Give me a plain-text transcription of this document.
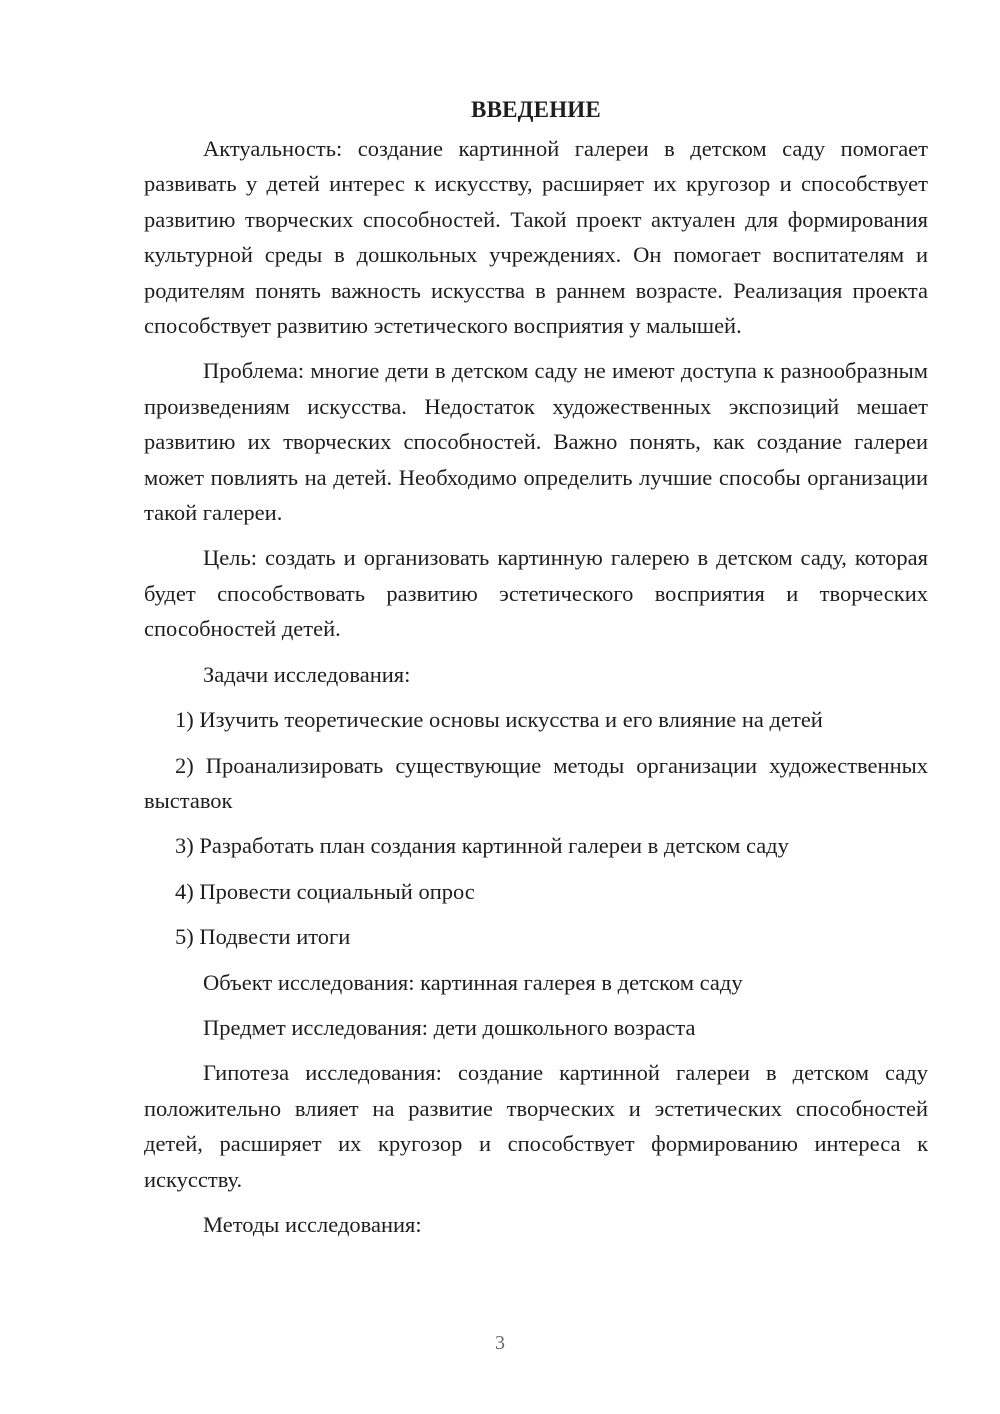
ВВЕДЕНИЕ

Актуальность: создание картинной галереи в детском саду помогает развивать у детей интерес к искусству, расширяет их кругозор и способствует развитию творческих способностей. Такой проект актуален для формирования культурной среды в дошкольных учреждениях. Он помогает воспитателям и родителям понять важность искусства в раннем возрасте. Реализация проекта способствует развитию эстетического восприятия у малышей.

Проблема: многие дети в детском саду не имеют доступа к разнообразным произведениям искусства. Недостаток художественных экспозиций мешает развитию их творческих способностей. Важно понять, как создание галереи может повлиять на детей. Необходимо определить лучшие способы организации такой галереи.

Цель: создать и организовать картинную галерею в детском саду, которая будет способствовать развитию эстетического восприятия и творческих способностей детей.

Задачи исследования:

1) Изучить теоретические основы искусства и его влияние на детей

2) Проанализировать существующие методы организации художественных выставок

3) Разработать план создания картинной галереи в детском саду

4) Провести социальный опрос

5) Подвести итоги

Объект исследования: картинная галерея в детском саду

Предмет исследования: дети дошкольного возраста

Гипотеза исследования: создание картинной галереи в детском саду положительно влияет на развитие творческих и эстетических способностей детей, расширяет их кругозор и способствует формированию интереса к искусству.

Методы исследования:

3
